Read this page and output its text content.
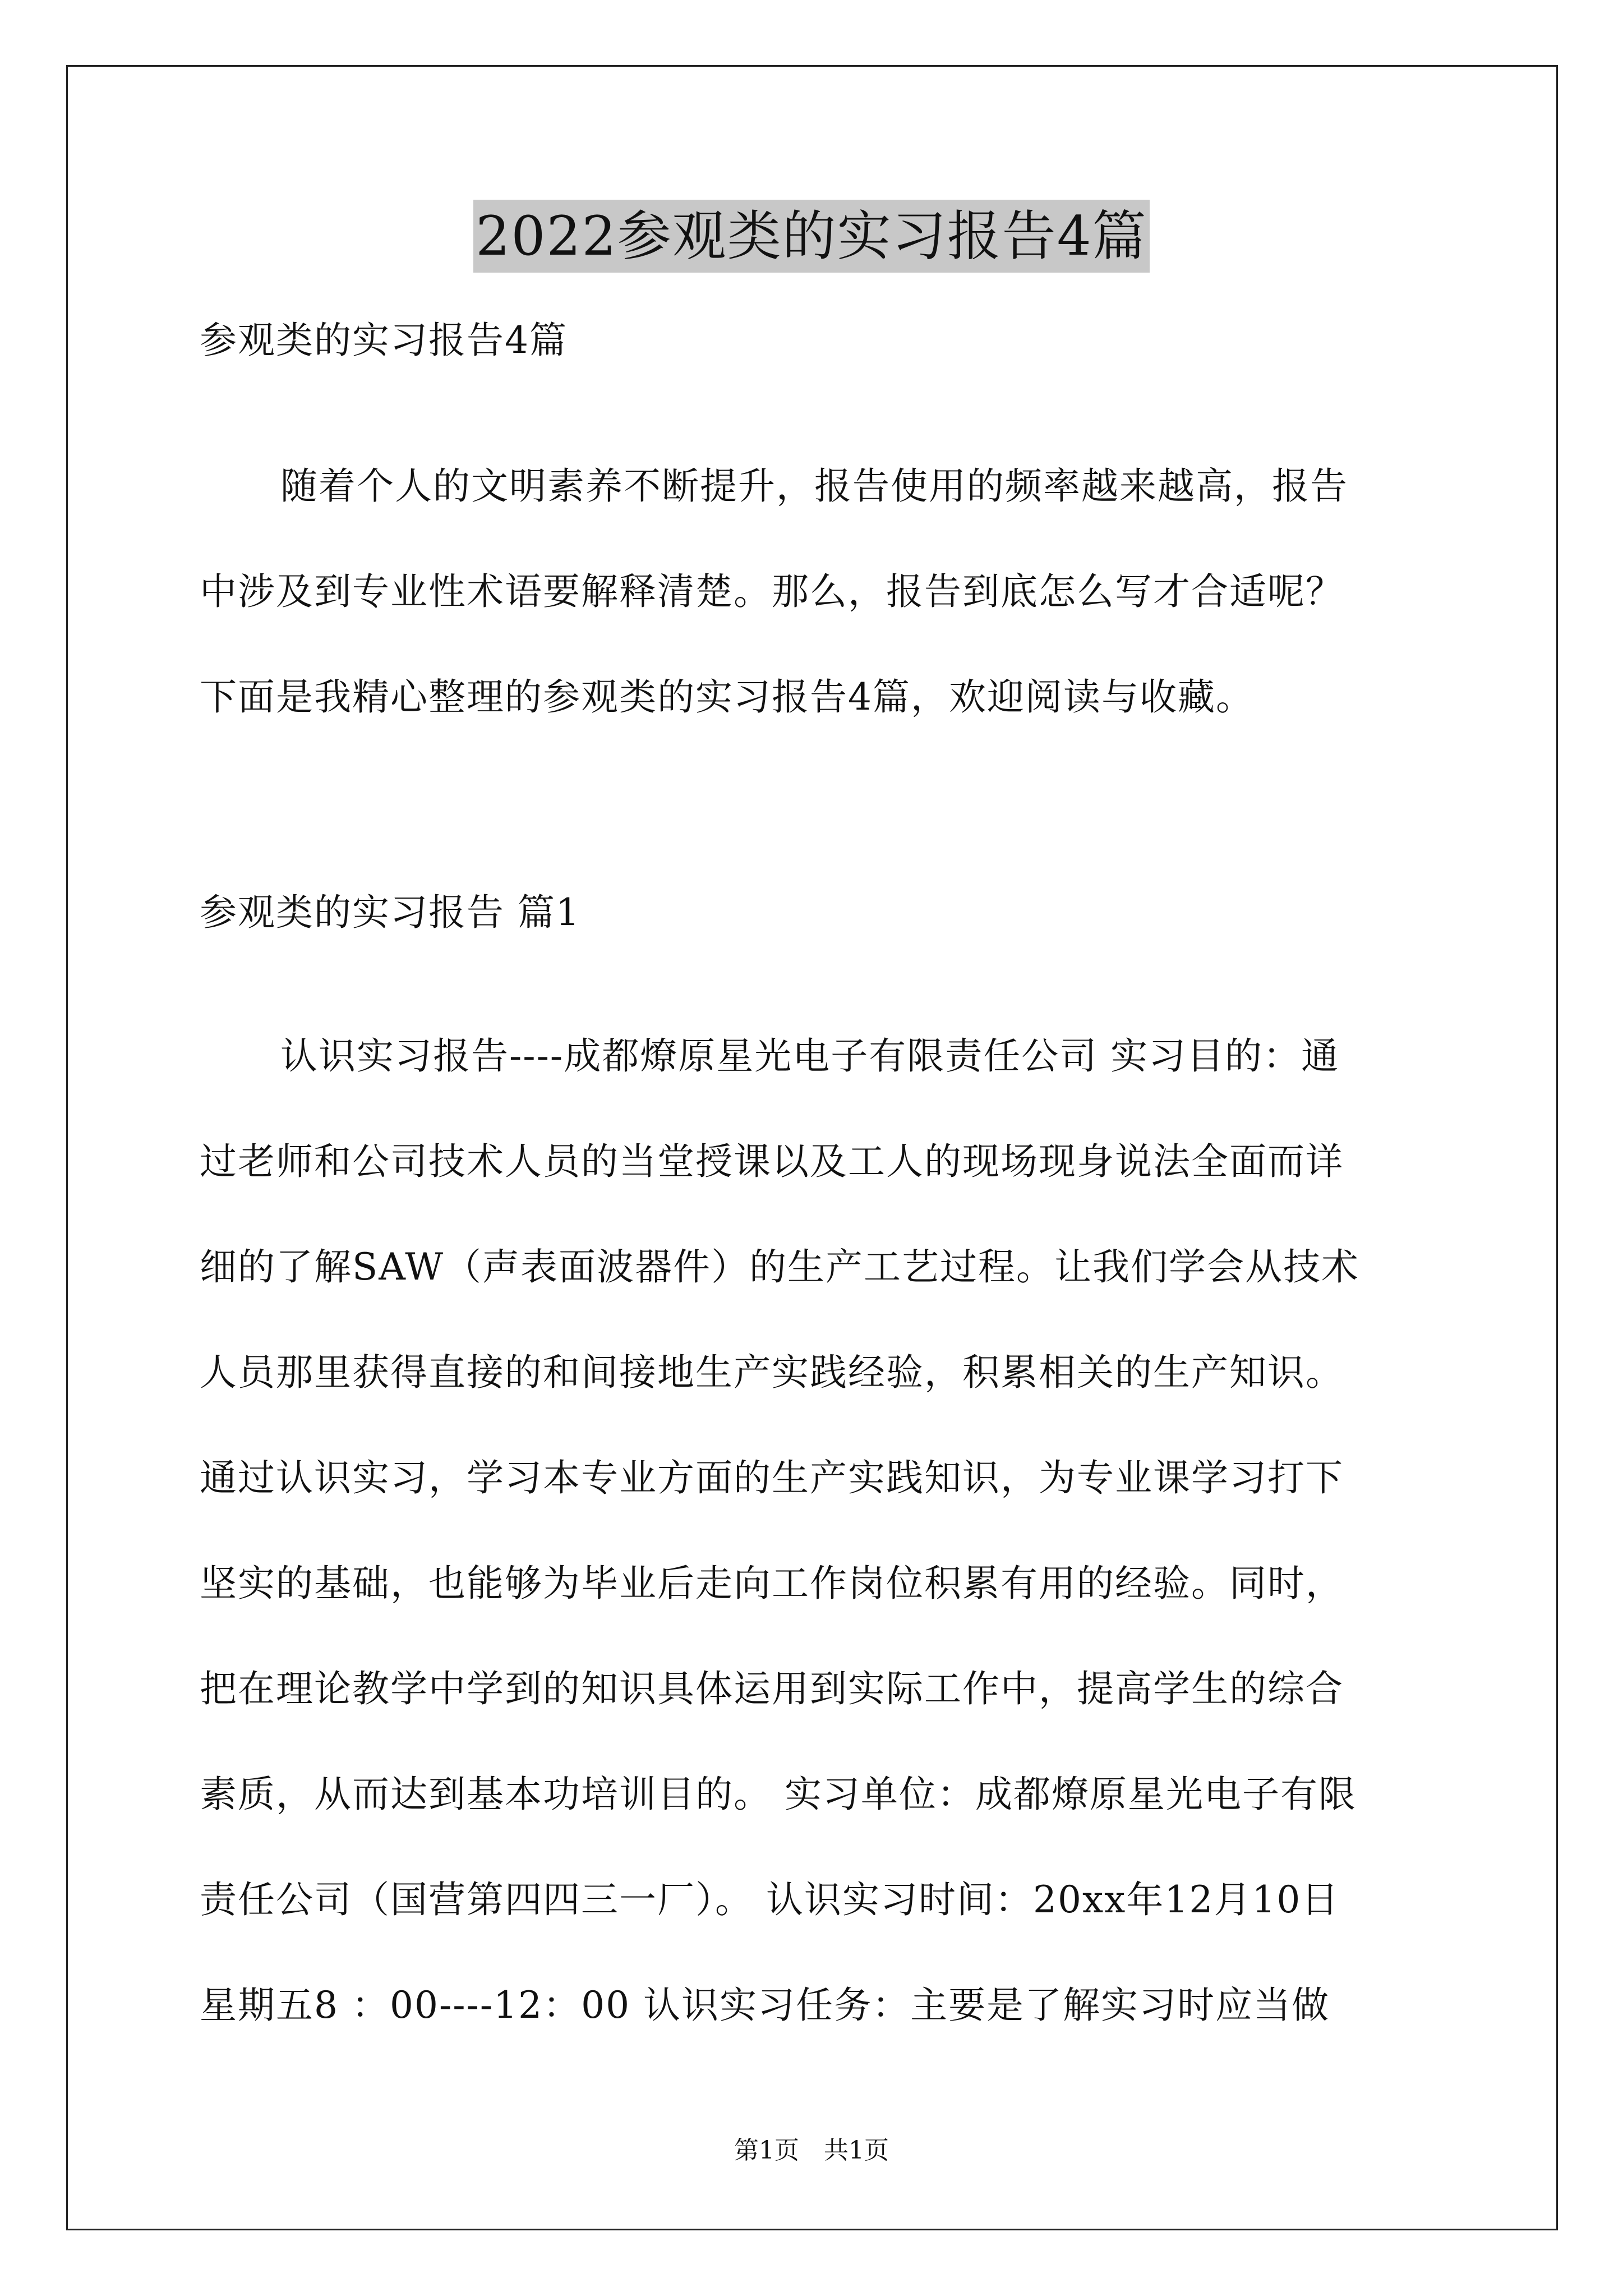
2022参观类的实习报告4篇
参观类的实习报告4篇
随着个人的文明素养不断提升，报告使用的频率越来越高，报告
中涉及到专业性术语要解释清楚。那么，报告到底怎么写才合适呢？
下面是我精心整理的参观类的实习报告4篇，欢迎阅读与收藏。
参观类的实习报告 篇1
认识实习报告----成都燎原星光电子有限责任公司 实习目的：通
过老师和公司技术人员的当堂授课以及工人的现场现身说法全面而详
细的了解SAW（声表面波器件）的生产工艺过程。让我们学会从技术
人员那里获得直接的和间接地生产实践经验，积累相关的生产知识。
通过认识实习，学习本专业方面的生产实践知识，为专业课学习打下
坚实的基础，也能够为毕业后走向工作岗位积累有用的经验。同时，
把在理论教学中学到的知识具体运用到实际工作中，提高学生的综合
素质，从而达到基本功培训目的。 实习单位：成都燎原星光电子有限
责任公司（国营第四四三一厂）。 认识实习时间：20xx年12月10日
星期五8 ：00----12：00 认识实习任务：主要是了解实习时应当做
第1页　共1页
